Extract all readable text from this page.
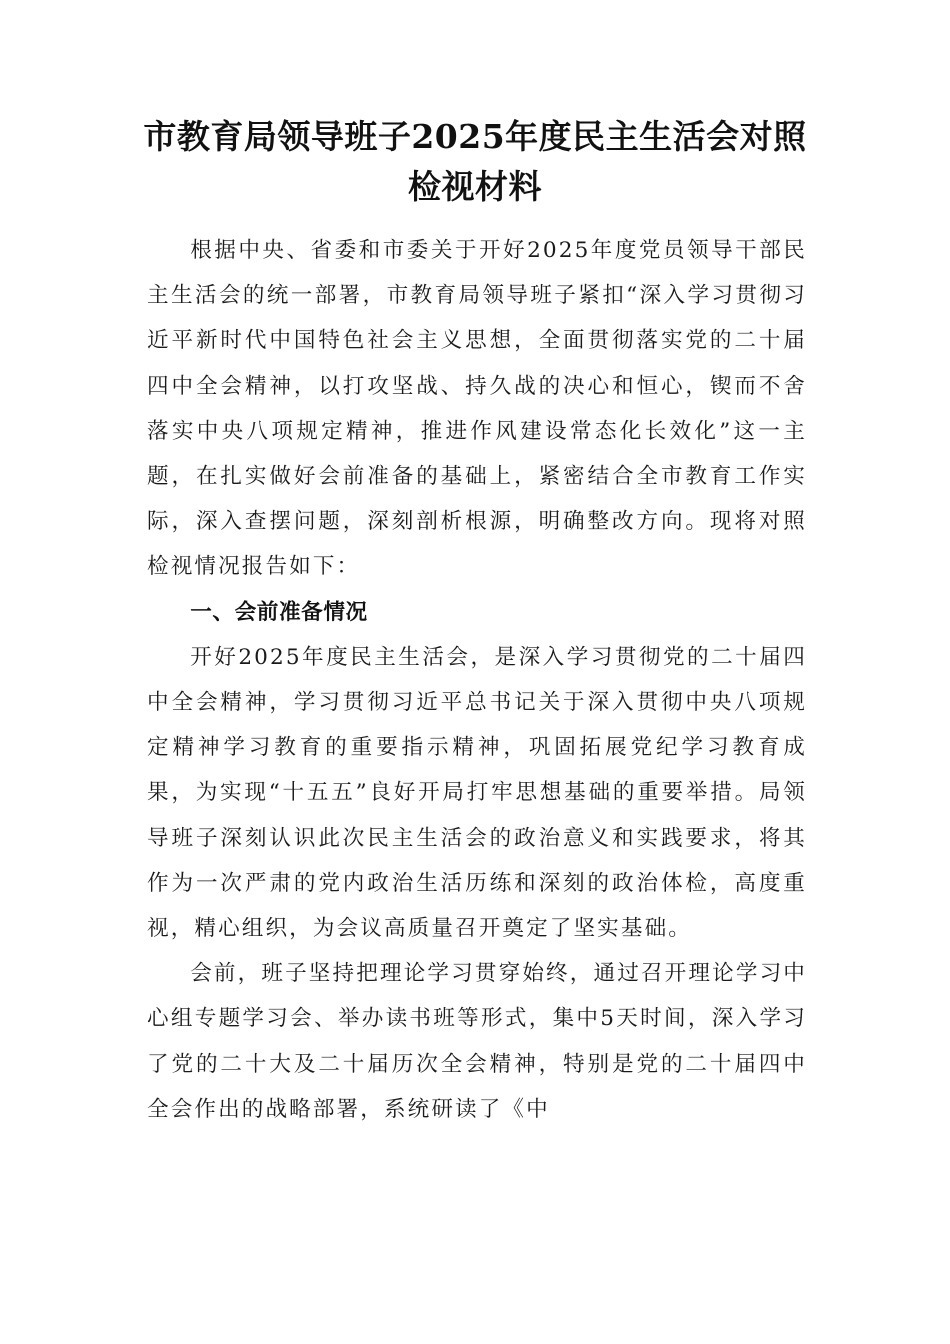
市教育局领导班子2025年度民主生活会对照检视材料

根据中央、省委和市委关于开好2025年度党员领导干部民主生活会的统一部署，市教育局领导班子紧扣“深入学习贯彻习近平新时代中国特色社会主义思想，全面贯彻落实党的二十届四中全会精神，以打攻坚战、持久战的决心和恒心，锲而不舍落实中央八项规定精神，推进作风建设常态化长效化”这一主题，在扎实做好会前准备的基础上，紧密结合全市教育工作实际，深入查摆问题，深刻剖析根源，明确整改方向。现将对照检视情况报告如下：

一、会前准备情况

开好2025年度民主生活会，是深入学习贯彻党的二十届四中全会精神，学习贯彻习近平总书记关于深入贯彻中央八项规定精神学习教育的重要指示精神，巩固拓展党纪学习教育成果，为实现“十五五”良好开局打牢思想基础的重要举措。局领导班子深刻认识此次民主生活会的政治意义和实践要求，将其作为一次严肃的党内政治生活历练和深刻的政治体检，高度重视，精心组织，为会议高质量召开奠定了坚实基础。

会前，班子坚持把理论学习贯穿始终，通过召开理论学习中心组专题学习会、举办读书班等形式，集中5天时间，深入学习了党的二十大及二十届历次全会精神，特别是党的二十届四中全会作出的战略部署，系统研读了《中
